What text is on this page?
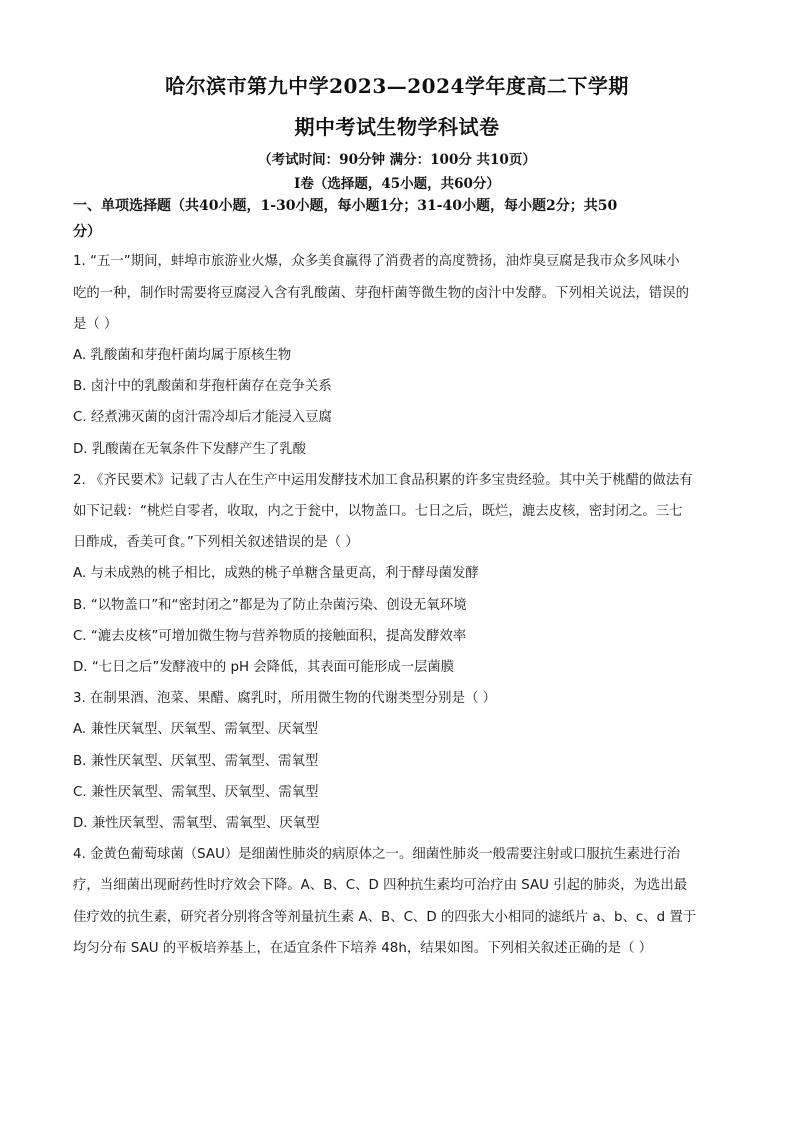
哈尔滨市第九中学2023—2024学年度高二下学期
期中考试生物学科试卷
（考试时间：90分钟 满分：100分 共10页）
Ⅰ卷（选择题，45小题，共60分）
一、单项选择题（共40小题，1-30小题，每小题1分；31-40小题，每小题2分；共50
分）
1. “五一”期间，蚌埠市旅游业火爆，众多美食赢得了消费者的高度赞扬，油炸臭豆腐是我市众多风味小
吃的一种，制作时需要将豆腐浸入含有乳酸菌、芽孢杆菌等微生物的卤汁中发酵。下列相关说法，错误的
是（ ）
A. 乳酸菌和芽孢杆菌均属于原核生物
B. 卤汁中的乳酸菌和芽孢杆菌存在竞争关系
C. 经煮沸灭菌的卤汁需冷却后才能浸入豆腐
D. 乳酸菌在无氧条件下发酵产生了乳酸
2. 《齐民要术》记载了古人在生产中运用发酵技术加工食品积累的许多宝贵经验。其中关于桃醋的做法有
如下记载：“桃烂自零者，收取，内之于瓮中，以物盖口。七日之后，既烂，漉去皮核，密封闭之。三七
日酢成，香美可食。”下列相关叙述错误的是（ ）
A. 与未成熟的桃子相比，成熟的桃子单糖含量更高，利于酵母菌发酵
B. “以物盖口”和“密封闭之”都是为了防止杂菌污染、创设无氧环境
C. “漉去皮核”可增加微生物与营养物质的接触面积，提高发酵效率
D. “七日之后”发酵液中的 pH 会降低，其表面可能形成一层菌膜
3. 在制果酒、泡菜、果醋、腐乳时，所用微生物的代谢类型分别是（ ）
A. 兼性厌氧型、厌氧型、需氧型、厌氧型
B. 兼性厌氧型、厌氧型、需氧型、需氧型
C. 兼性厌氧型、需氧型、厌氧型、需氧型
D. 兼性厌氧型、需氧型、需氧型、厌氧型
4. 金黄色葡萄球菌（SAU）是细菌性肺炎的病原体之一。细菌性肺炎一般需要注射或口服抗生素进行治
疗，当细菌出现耐药性时疗效会下降。A、B、C、D 四种抗生素均可治疗由 SAU 引起的肺炎，为选出最
佳疗效的抗生素，研究者分别将含等剂量抗生素 A、B、C、D 的四张大小相同的滤纸片 a、b、c、d 置于
均匀分布 SAU 的平板培养基上，在适宜条件下培养 48h，结果如图。下列相关叙述正确的是（ ）
